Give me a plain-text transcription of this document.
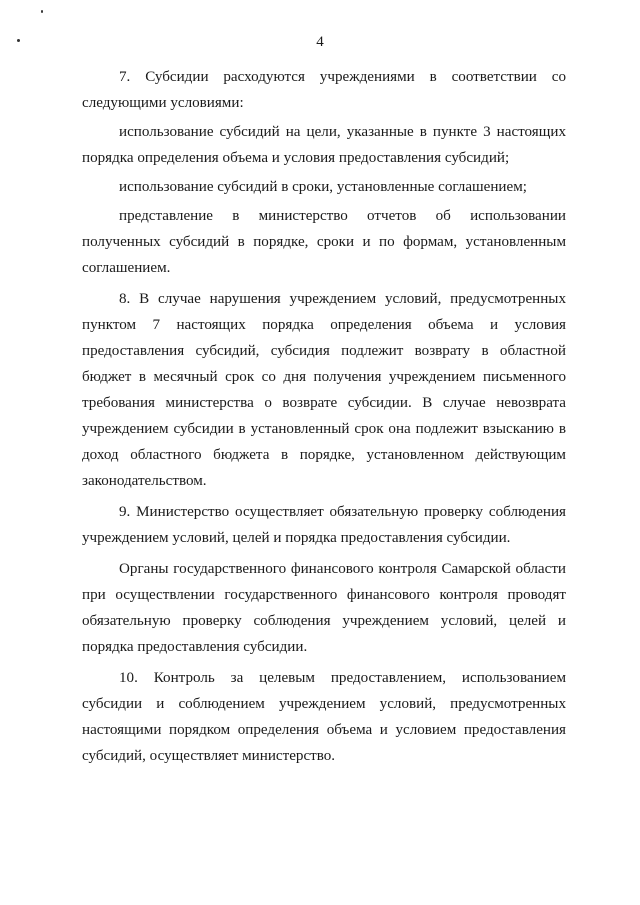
4

7. Субсидии расходуются учреждениями в соответствии со следующими условиями:

использование субсидий на цели, указанные в пункте 3 настоящих порядка определения объема и условия предоставления субсидий;

использование субсидий в сроки, установленные соглашением;

представление в министерство отчетов об использовании полученных субсидий в порядке, сроки и по формам, установленным соглашением.

8. В случае нарушения учреждением условий, предусмотренных пунктом 7 настоящих порядка определения объема и условия предоставления субсидий, субсидия подлежит возврату в областной бюджет в месячный срок со дня получения учреждением письменного требования министерства о возврате субсидии. В случае невозврата учреждением субсидии в установленный срок она подлежит взысканию в доход областного бюджета в порядке, установленном действующим законодательством.

9. Министерство осуществляет обязательную проверку соблюдения учреждением условий, целей и порядка предоставления субсидии.

Органы государственного финансового контроля Самарской области при осуществлении государственного финансового контроля проводят обязательную проверку соблюдения учреждением условий, целей и порядка предоставления субсидии.

10. Контроль за целевым предоставлением, использованием субсидии и соблюдением учреждением условий, предусмотренных настоящими порядком определения объема и условием предоставления субсидий, осуществляет министерство.
